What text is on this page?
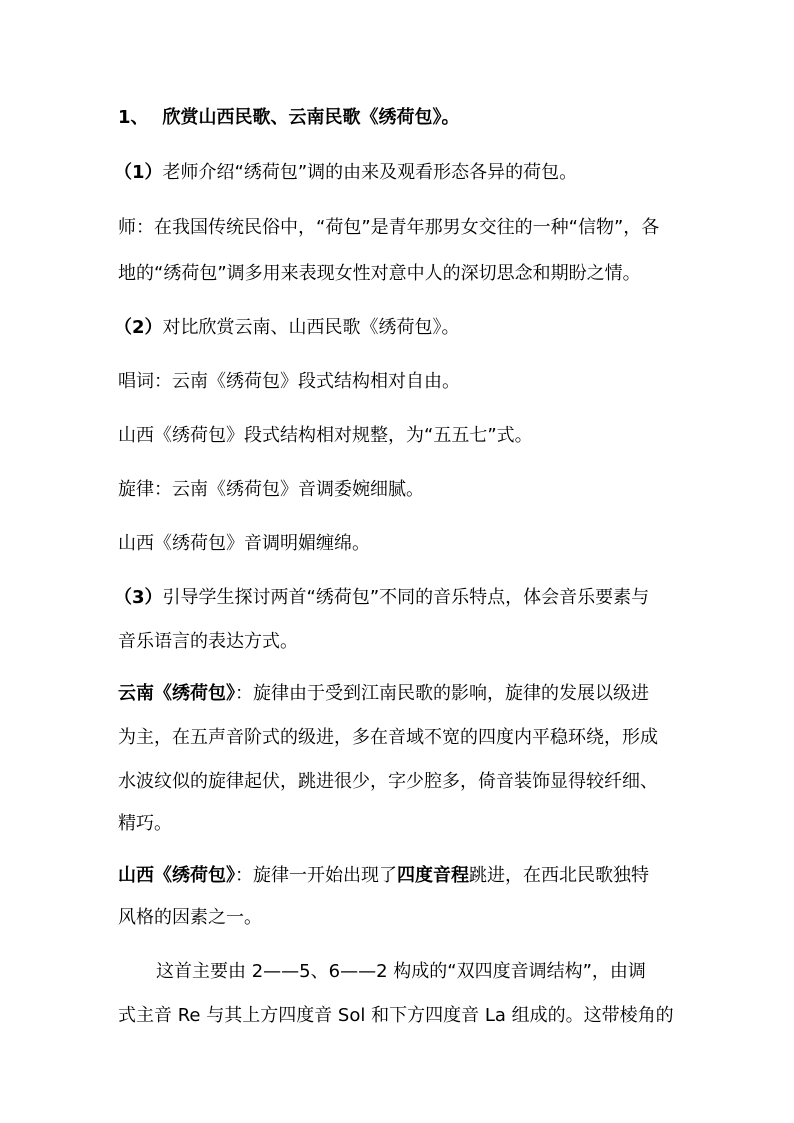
1、 欣赏山西民歌、云南民歌《绣荷包》。
（1）老师介绍“绣荷包”调的由来及观看形态各异的荷包。
师：在我国传统民俗中，“荷包”是青年那男女交往的一种“信物”，各
地的“绣荷包”调多用来表现女性对意中人的深切思念和期盼之情。
（2）对比欣赏云南、山西民歌《绣荷包》。
唱词：云南《绣荷包》段式结构相对自由。
山西《绣荷包》段式结构相对规整，为“五五七”式。
旋律：云南《绣荷包》音调委婉细腻。
山西《绣荷包》音调明媚缠绵。
（3）引导学生探讨两首“绣荷包”不同的音乐特点，体会音乐要素与
音乐语言的表达方式。
云南《绣荷包》：旋律由于受到江南民歌的影响，旋律的发展以级进
为主，在五声音阶式的级进，多在音域不宽的四度内平稳环绕，形成
水波纹似的旋律起伏，跳进很少，字少腔多，倚音装饰显得较纤细、
精巧。
山西《绣荷包》：旋律一开始出现了四度音程跳进，在西北民歌独特
风格的因素之一。
这首主要由 2——5、6——2 构成的“双四度音调结构”，由调
式主音 Re 与其上方四度音 Sol 和下方四度音 La 组成的。这带棱角的
